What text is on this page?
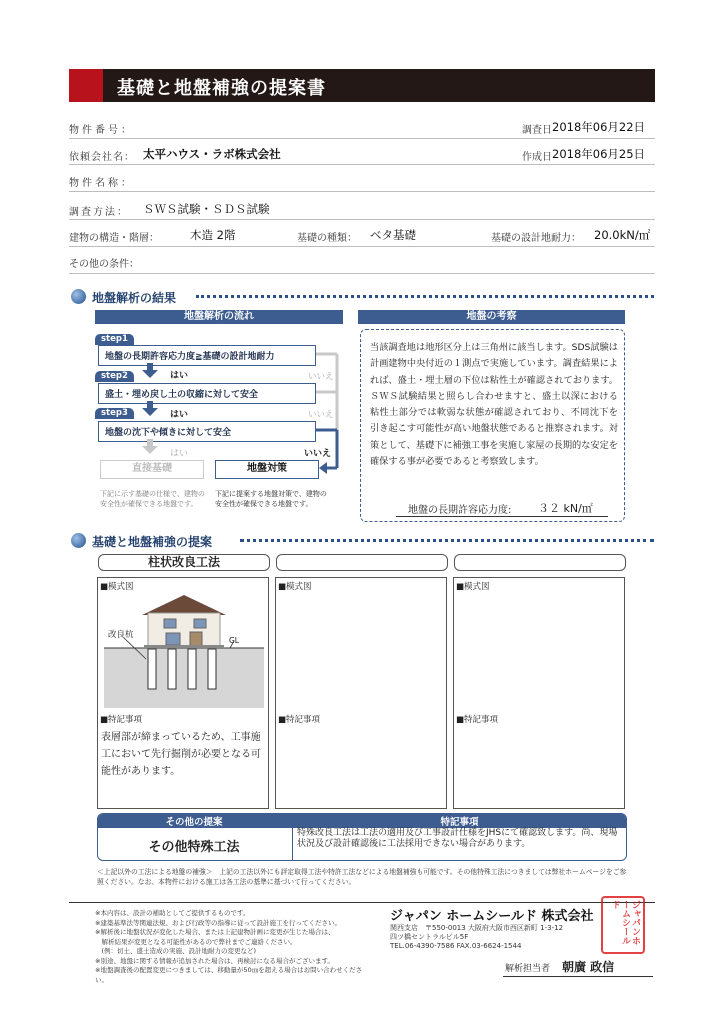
基礎と地盤補強の提案書
物件番号：	調査日 2018年06月22日
依頼会社名： 太平ハウス・ラボ株式会社	作成日 2018年06月25日
物件名称：
調査方法： ＳＷＳ試験・ＳＤＳ試験
建物の構造・階層：	木造 2階	基礎の種類： ベタ基礎	基礎の設計地耐力： 20.0kN/㎡
その他の条件：
地盤解析の結果
地盤解析の流れ
step1
地盤の長期許容応力度≧基礎の設計地耐力
step2
盛土・埋め戻し土の収縮に対して安全
step3
地盤の沈下や傾きに対して安全
はい	いいえ
はい	いいえ
はい	いいえ
直接基礎	地盤対策
下記に示す基礎の仕様で、建物の安全性が確保できる地盤です。
下記に提案する地盤対策で、建物の安全性が確保できる地盤です。
地盤の考察
当該調査地は地形区分上は三角州に該当します。SDS試験は計画建物中央付近の１測点で実施しています。調査結果によれば、盛土・埋土層の下位は粘性土が確認されております。ＳＷＳ試験結果と照らし合わせますと、盛土以深における粘性土部分では軟弱な状態が確認されており、不同沈下を引き起こす可能性が高い地盤状態であると推察されます。対策として、基礎下に補強工事を実施し家屋の長期的な安定を確保する事が必要であると考察致します。
地盤の長期許容応力度: ３２ kN/㎡
基礎と地盤補強の提案
柱状改良工法
■模式図	■模式図	■模式図
改良杭
GL
■特記事項	■特記事項	■特記事項
表層部が締まっているため、工事施工において先行掘削が必要となる可能性があります。
その他の提案	特記事項
その他特殊工法
特殊改良工法は工法の適用及び工事設計仕様をJHSにて確認致します。尚、現場状況及び設計確認後に工法採用できない場合があります。
＜上記以外の工法による地盤の補強＞　上記の工法以外にも評定取得工法や特許工法などによる地盤補強も可能です。その他特殊工法につきましては弊社ホームページをご参照ください。なお、本物件における施工は各工法の基準に基づいて行ってください。
※本内容は、設計の補助としてご提供するものです。
※建築基準法等関連法規、および行政等の指導に従って設計施工を行ってください。
※解析後に地盤状況が変化した場合、または上記建物計画に変更が生じた場合は、
　解析結果が変更となる可能性があるので弊社までご連絡ください。
　(例：切土、盛土造成の実施、設計地耐力の変更など)
※別途、地盤に関する情報が追加された場合は、再検討になる場合がございます。
※地盤調査後の配置変更につきましては、移動量が50㎝を超える場合はお問い合わせください。
ジャパン ホームシールド 株式会社
関西支店　〒550-0013 大阪府大阪市西区新町 1-3-12
四ツ橋セントラルビル5F
TEL.06-4390-7586 FAX.03-6624-1544
ジャパンホームシールド
解析担当者 朝廣 政信
